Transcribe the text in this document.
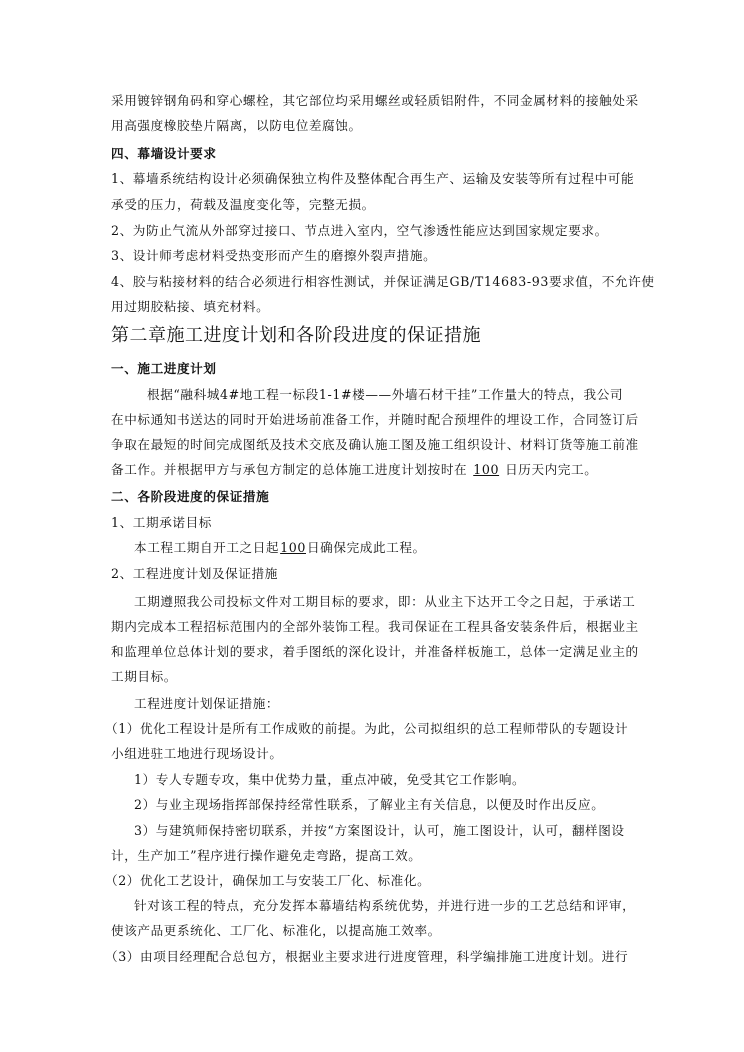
采用镀锌钢角码和穿心螺栓，其它部位均采用螺丝或轻质铝附件，不同金属材料的接触处采
用高强度橡胶垫片隔离，以防电位差腐蚀。
四、幕墙设计要求
1、幕墙系统结构设计必须确保独立构件及整体配合再生产、运输及安装等所有过程中可能
承受的压力，荷载及温度变化等，完整无损。
2、为防止气流从外部穿过接口、节点进入室内，空气渗透性能应达到国家规定要求。
3、设计师考虑材料受热变形而产生的磨擦外裂声措施。
4、胶与粘接材料的结合必须进行相容性测试，并保证满足GB/T14683-93要求值，不允许使
用过期胶粘接、填充材料。
第二章施工进度计划和各阶段进度的保证措施
一、施工进度计划
根据“融科城4#地工程一标段1-1#楼——外墙石材干挂”工作量大的特点，我公司
在中标通知书送达的同时开始进场前准备工作，并随时配合预埋件的埋设工作，合同签订后
争取在最短的时间完成图纸及技术交底及确认施工图及施工组织设计、材料订货等施工前准
备工作。并根据甲方与承包方制定的总体施工进度计划按时在 100 日历天内完工。
二、各阶段进度的保证措施
1、工期承诺目标
本工程工期自开工之日起100日确保完成此工程。
2、工程进度计划及保证措施
工期遵照我公司投标文件对工期目标的要求，即：从业主下达开工令之日起，于承诺工
期内完成本工程招标范围内的全部外装饰工程。我司保证在工程具备安装条件后，根据业主
和监理单位总体计划的要求，着手图纸的深化设计，并准备样板施工，总体一定满足业主的
工期目标。
工程进度计划保证措施：
（1）优化工程设计是所有工作成败的前提。为此，公司拟组织的总工程师带队的专题设计
小组进驻工地进行现场设计。
1）专人专题专攻，集中优势力量，重点冲破，免受其它工作影响。
2）与业主现场指挥部保持经常性联系，了解业主有关信息，以便及时作出反应。
3）与建筑师保持密切联系，并按“方案图设计，认可，施工图设计，认可，翻样图设
计，生产加工”程序进行操作避免走弯路，提高工效。
（2）优化工艺设计，确保加工与安装工厂化、标准化。
针对该工程的特点，充分发挥本幕墙结构系统优势，并进行进一步的工艺总结和评审，
使该产品更系统化、工厂化、标准化，以提高施工效率。
（3）由项目经理配合总包方，根据业主要求进行进度管理，科学编排施工进度计划。进行
